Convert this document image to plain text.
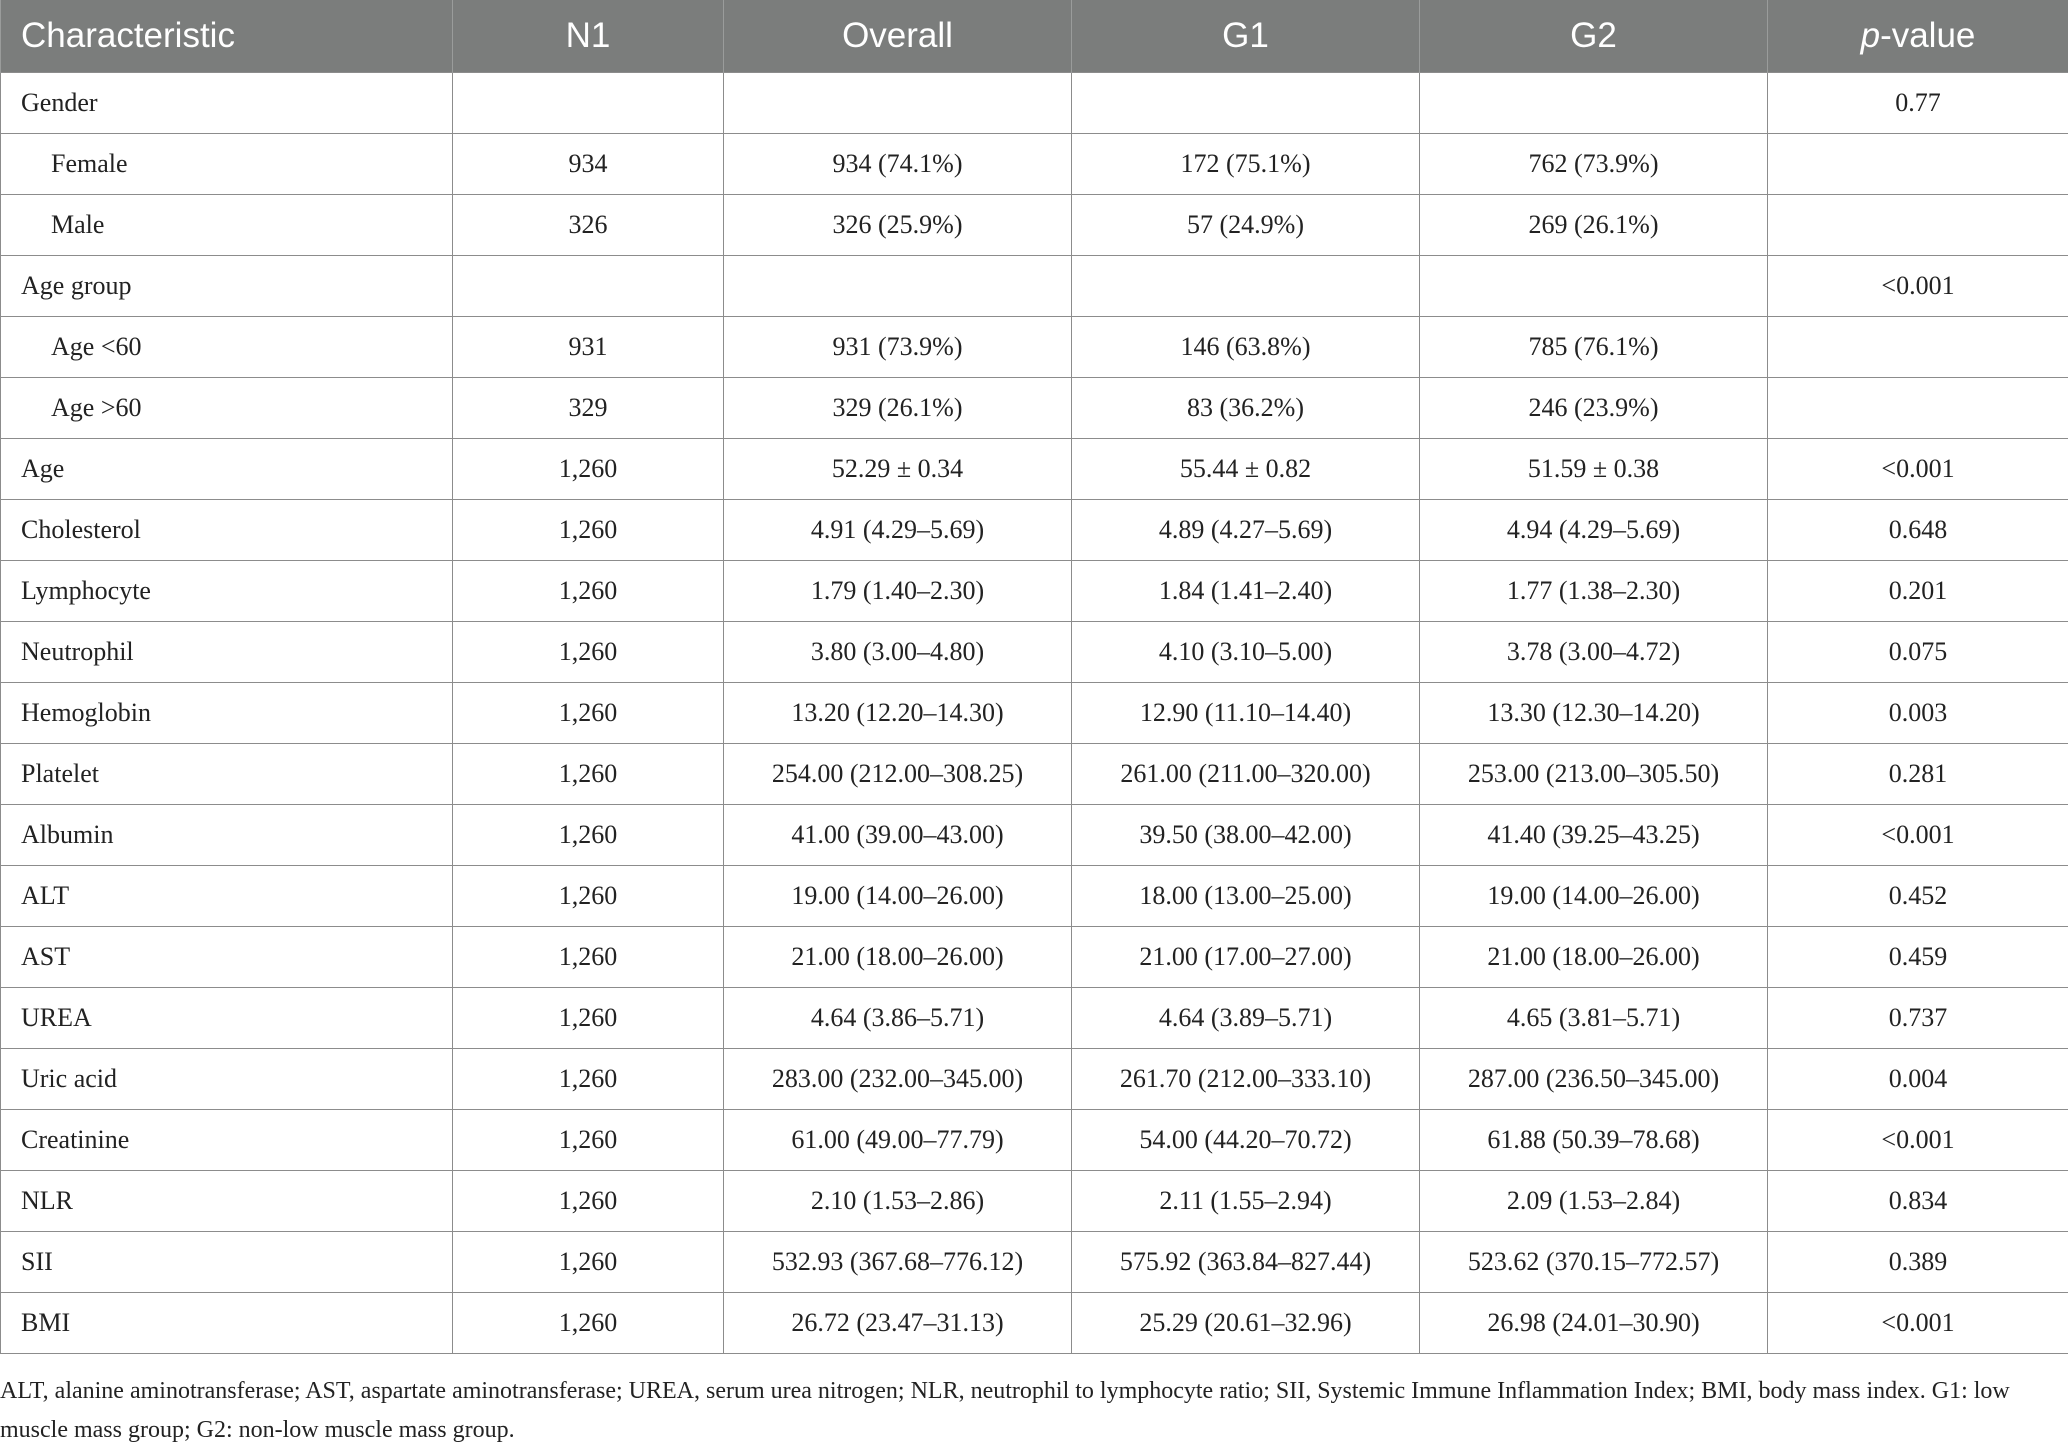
Characteristic	N1	Overall	G1	G2	p-value
Gender					0.77
Female	934	934 (74.1%)	172 (75.1%)	762 (73.9%)	
Male	326	326 (25.9%)	57 (24.9%)	269 (26.1%)	
Age group					<0.001
Age <60	931	931 (73.9%)	146 (63.8%)	785 (76.1%)	
Age >60	329	329 (26.1%)	83 (36.2%)	246 (23.9%)	
Age	1,260	52.29 ± 0.34	55.44 ± 0.82	51.59 ± 0.38	<0.001
Cholesterol	1,260	4.91 (4.29–5.69)	4.89 (4.27–5.69)	4.94 (4.29–5.69)	0.648
Lymphocyte	1,260	1.79 (1.40–2.30)	1.84 (1.41–2.40)	1.77 (1.38–2.30)	0.201
Neutrophil	1,260	3.80 (3.00–4.80)	4.10 (3.10–5.00)	3.78 (3.00–4.72)	0.075
Hemoglobin	1,260	13.20 (12.20–14.30)	12.90 (11.10–14.40)	13.30 (12.30–14.20)	0.003
Platelet	1,260	254.00 (212.00–308.25)	261.00 (211.00–320.00)	253.00 (213.00–305.50)	0.281
Albumin	1,260	41.00 (39.00–43.00)	39.50 (38.00–42.00)	41.40 (39.25–43.25)	<0.001
ALT	1,260	19.00 (14.00–26.00)	18.00 (13.00–25.00)	19.00 (14.00–26.00)	0.452
AST	1,260	21.00 (18.00–26.00)	21.00 (17.00–27.00)	21.00 (18.00–26.00)	0.459
UREA	1,260	4.64 (3.86–5.71)	4.64 (3.89–5.71)	4.65 (3.81–5.71)	0.737
Uric acid	1,260	283.00 (232.00–345.00)	261.70 (212.00–333.10)	287.00 (236.50–345.00)	0.004
Creatinine	1,260	61.00 (49.00–77.79)	54.00 (44.20–70.72)	61.88 (50.39–78.68)	<0.001
NLR	1,260	2.10 (1.53–2.86)	2.11 (1.55–2.94)	2.09 (1.53–2.84)	0.834
SII	1,260	532.93 (367.68–776.12)	575.92 (363.84–827.44)	523.62 (370.15–772.57)	0.389
BMI	1,260	26.72 (23.47–31.13)	25.29 (20.61–32.96)	26.98 (24.01–30.90)	<0.001
ALT, alanine aminotransferase; AST, aspartate aminotransferase; UREA, serum urea nitrogen; NLR, neutrophil to lymphocyte ratio; SII, Systemic Immune Inflammation Index; BMI, body mass index. G1: low muscle mass group; G2: non-low muscle mass group.
